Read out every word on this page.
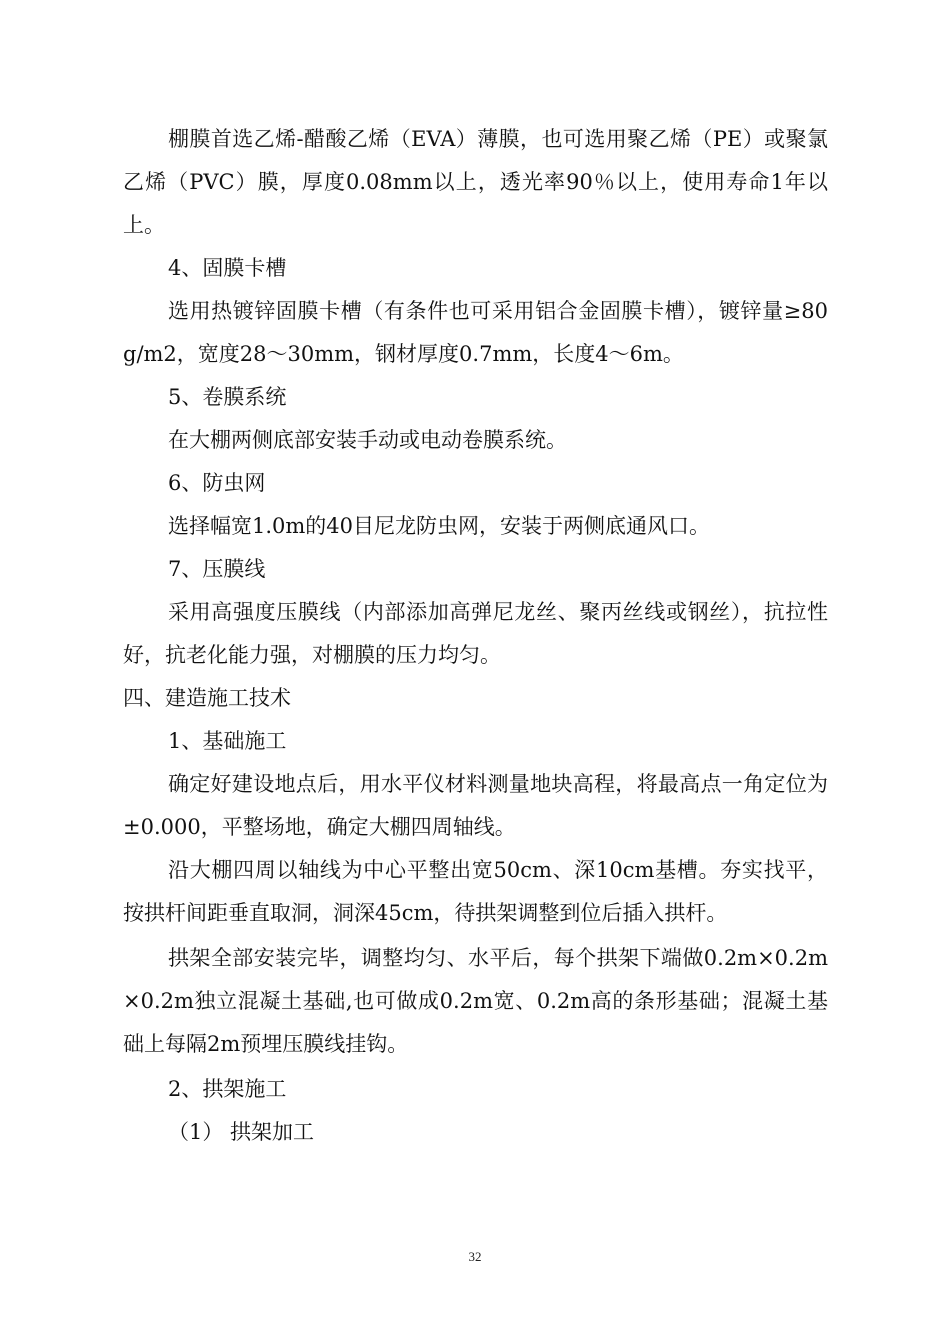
棚膜首选乙烯-醋酸乙烯（EVA）薄膜，也可选用聚乙烯（PE）或聚氯乙烯（PVC）膜，厚度0.08mm以上，透光率90％以上，使用寿命1年以上。

4、固膜卡槽

选用热镀锌固膜卡槽（有条件也可采用铝合金固膜卡槽），镀锌量≥80g/m2，宽度28～30mm，钢材厚度0.7mm，长度4～6m。

5、卷膜系统

在大棚两侧底部安装手动或电动卷膜系统。

6、防虫网

选择幅宽1.0m的40目尼龙防虫网，安装于两侧底通风口。

7、压膜线

采用高强度压膜线（内部添加高弹尼龙丝、聚丙丝线或钢丝），抗拉性好，抗老化能力强，对棚膜的压力均匀。

四、建造施工技术

1、基础施工

确定好建设地点后，用水平仪材料测量地块高程，将最高点一角定位为±0.000，平整场地，确定大棚四周轴线。

沿大棚四周以轴线为中心平整出宽50cm、深10cm基槽。夯实找平，按拱杆间距垂直取洞，洞深45cm，待拱架调整到位后插入拱杆。

拱架全部安装完毕，调整均匀、水平后，每个拱架下端做0.2m×0.2m×0.2m独立混凝土基础,也可做成0.2m宽、0.2m高的条形基础；混凝土基础上每隔2m预埋压膜线挂钩。

2、拱架施工

（1） 拱架加工

32
